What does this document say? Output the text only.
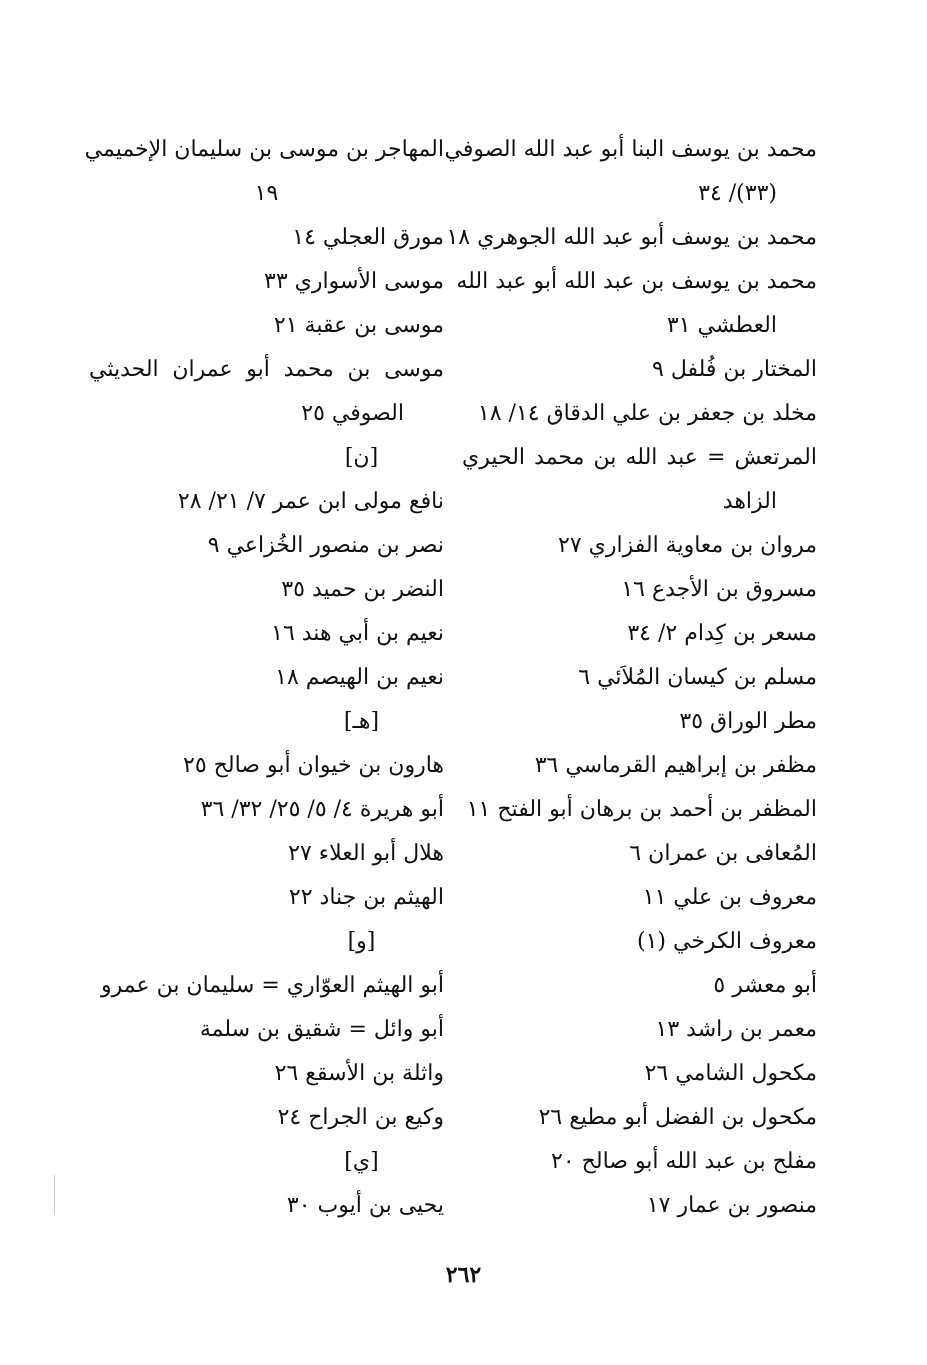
محمد بن يوسف البنا أبو عبد الله الصوفي
(٣٣)/ ٣٤
محمد بن يوسف أبو عبد الله الجوهري ١٨
محمد بن يوسف بن عبد الله أبو عبد الله
العطشي ٣١
المختار بن فُلفل ٩
مخلد بن جعفر بن علي الدقاق ١٤/ ١٨
المرتعش = عبد الله بن محمد الحيري
الزاهد
مروان بن معاوية الفزاري ٢٧
مسروق بن الأجدع ١٦
مسعر بن كِدام ٢/ ٣٤
مسلم بن كيسان المُلاَئي ٦
مطر الوراق ٣٥
مظفر بن إبراهيم القرماسي ٣٦
المظفر بن أحمد بن برهان أبو الفتح ١١
المُعافى بن عمران ٦
معروف بن علي ١١
معروف الكرخي (١)
أبو معشر ٥
معمر بن راشد ١٣
مكحول الشامي ٢٦
مكحول بن الفضل أبو مطيع ٢٦
مفلح بن عبد الله أبو صالح ٢٠
منصور بن عمار ١٧
المهاجر بن موسى بن سليمان الإخميمي
١٩
مورق العجلي ١٤
موسى الأسواري ٣٣
موسى بن عقبة ٢١
موسى بن محمد أبو عمران الحديثي
الصوفي ٢٥
[ن]
نافع مولى ابن عمر ٧/ ٢١/ ٢٨
نصر بن منصور الخُزاعي ٩
النضر بن حميد ٣٥
نعيم بن أبي هند ١٦
نعيم بن الهيصم ١٨
[هـ]
هارون بن خيوان أبو صالح ٢٥
أبو هريرة ٤/ ٥/ ٢٥/ ٣٢/ ٣٦
هلال أبو العلاء ٢٧
الهيثم بن جناد ٢٢
[و]
أبو الهيثم العوّاري = سليمان بن عمرو
أبو وائل = شقيق بن سلمة
واثلة بن الأسقع ٢٦
وكيع بن الجراح ٢٤
[ي]
يحيى بن أيوب ٣٠
٢٦٢
